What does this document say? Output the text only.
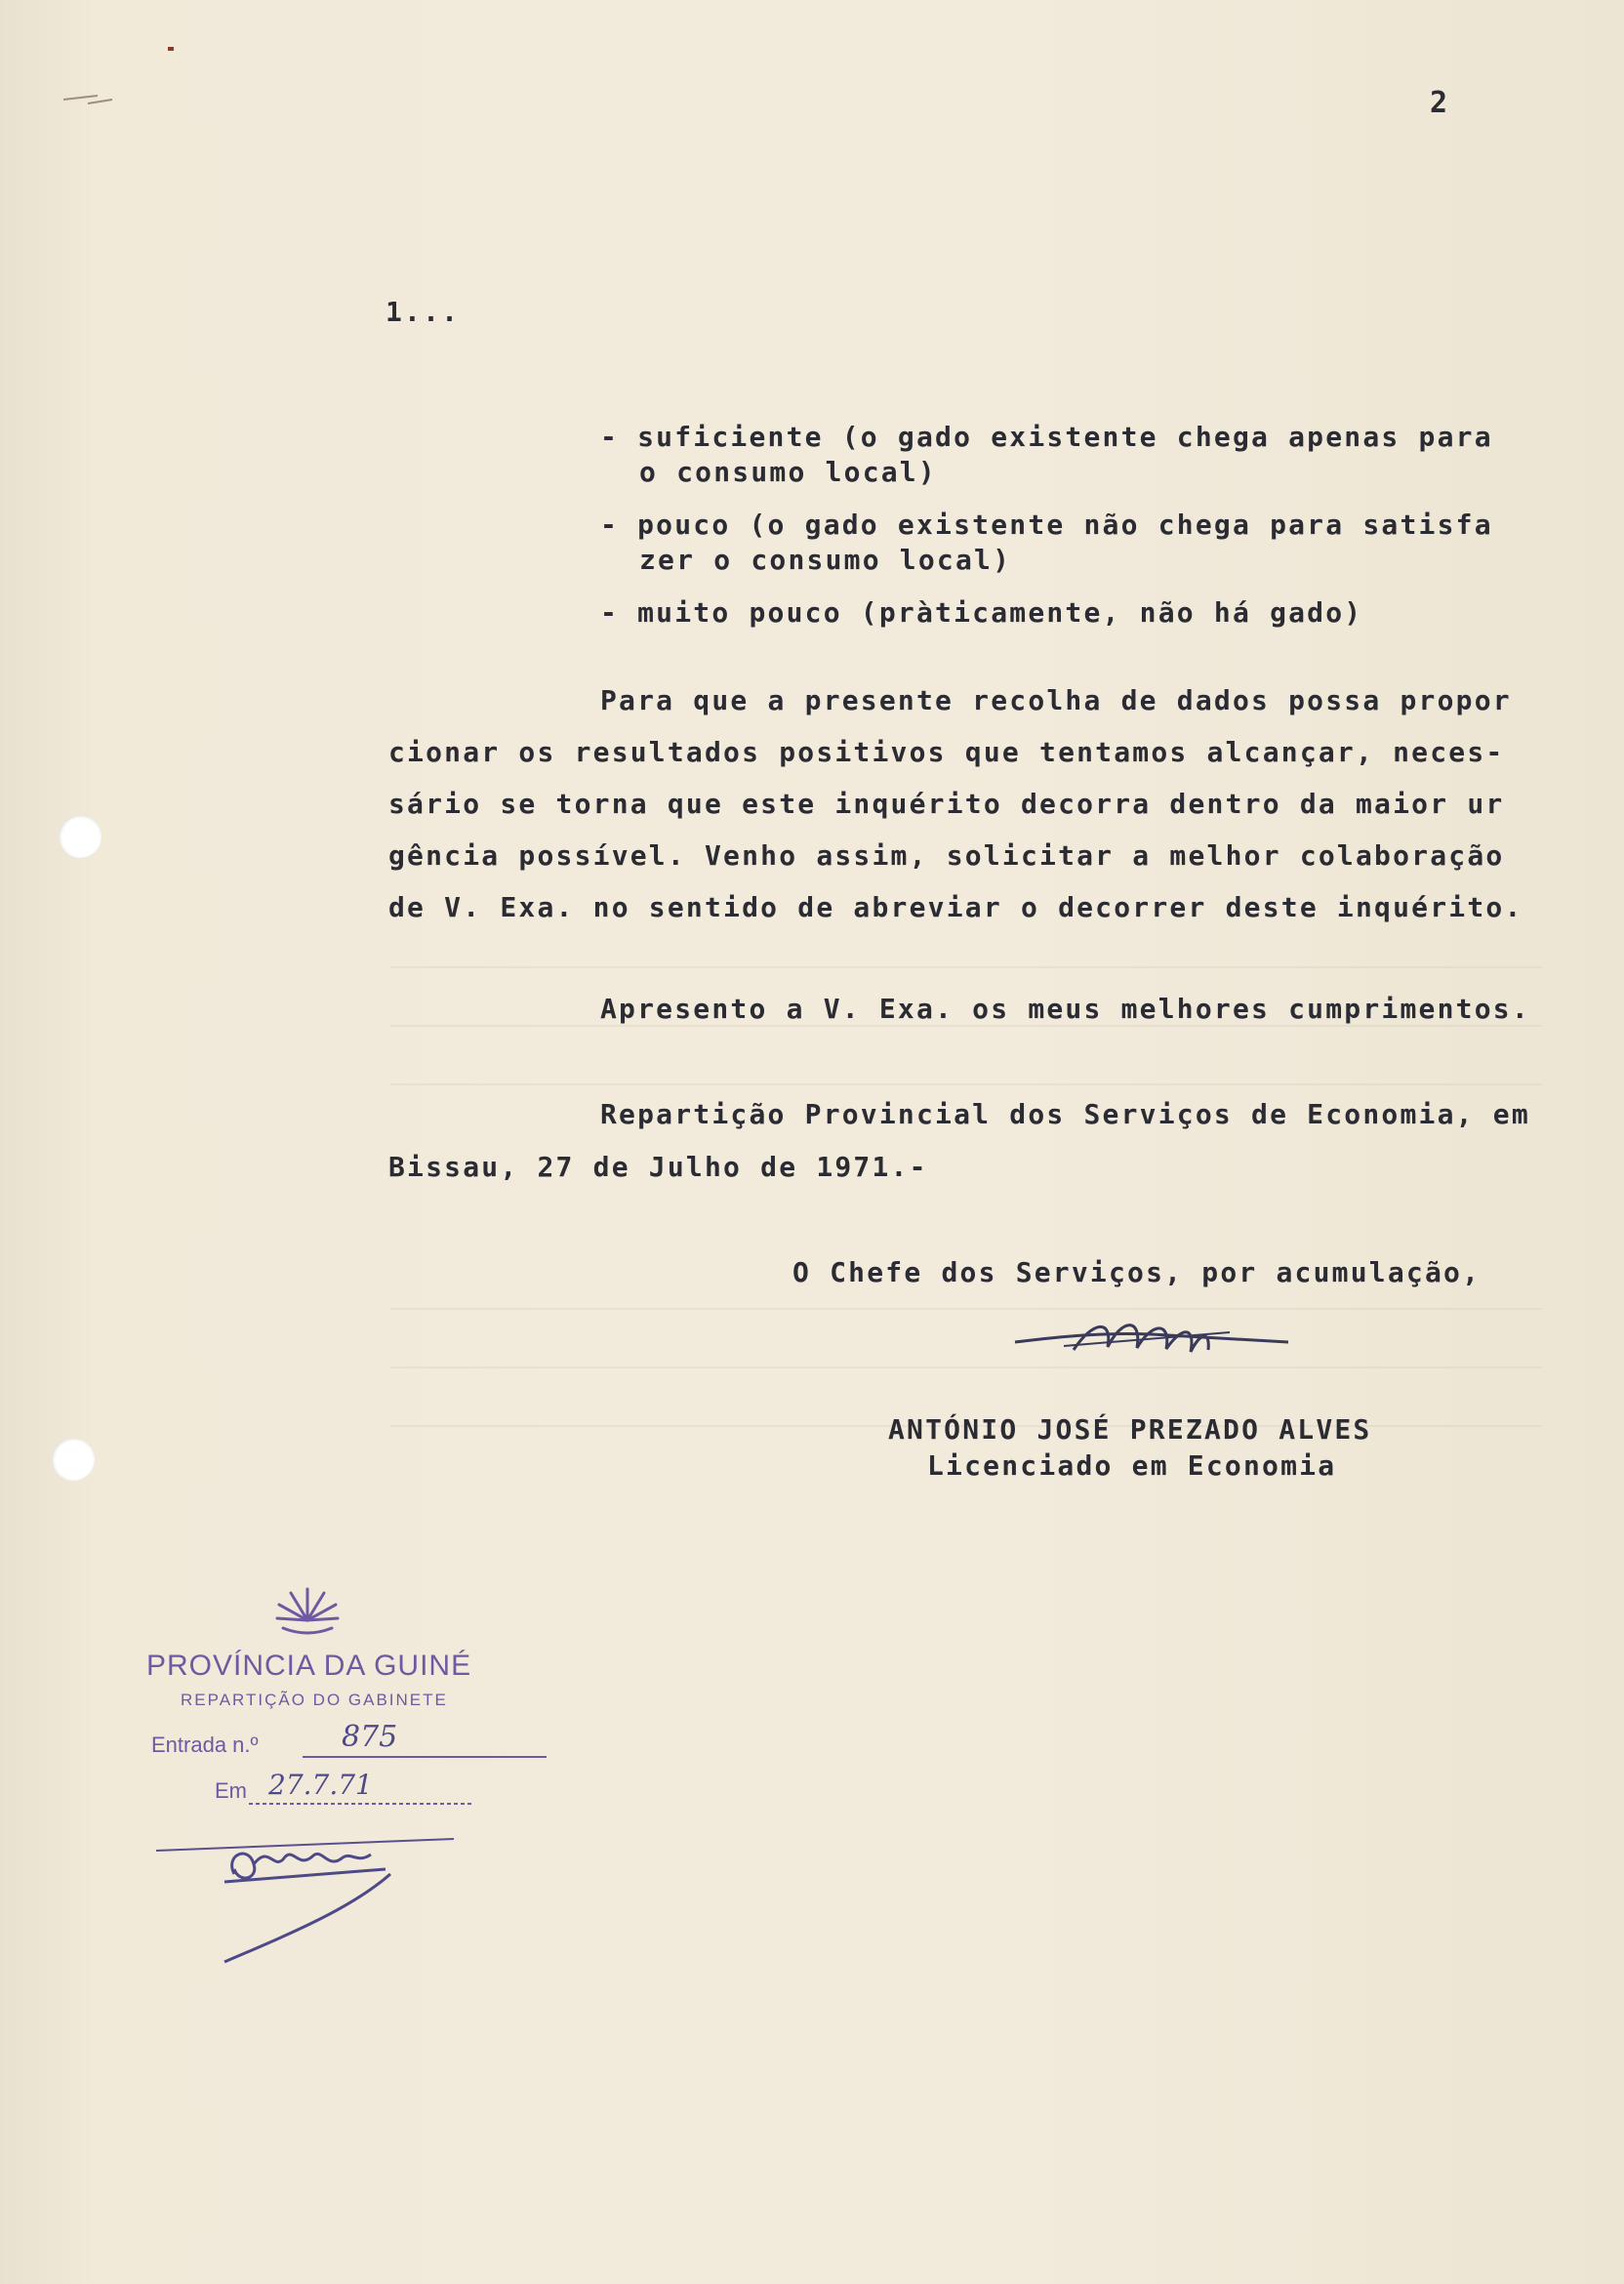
2

1...

- suficiente (o gado existente chega apenas para

o consumo local)

- pouco (o gado existente não chega para satisfa

zer o consumo local)

- muito pouco (pràticamente, não há gado)

Para que a presente recolha de dados possa propor

cionar os resultados positivos que tentamos alcançar, neces-

sário se torna que este inquérito decorra dentro da maior ur

gência possível. Venho assim, solicitar a melhor colaboração

de V. Exa. no sentido de abreviar o decorrer deste inquérito.

Apresento a V. Exa. os meus melhores cumprimentos.

Repartição Provincial dos Serviços de Economia, em

Bissau, 27 de Julho de 1971.-

O Chefe dos Serviços, por acumulação,

ANTÓNIO JOSÉ PREZADO ALVES

Licenciado em Economia

PROVÍNCIA DA GUINÉ
REPARTIÇÃO DO GABINETE
Entrada n.º	875
Em 27.7.71
